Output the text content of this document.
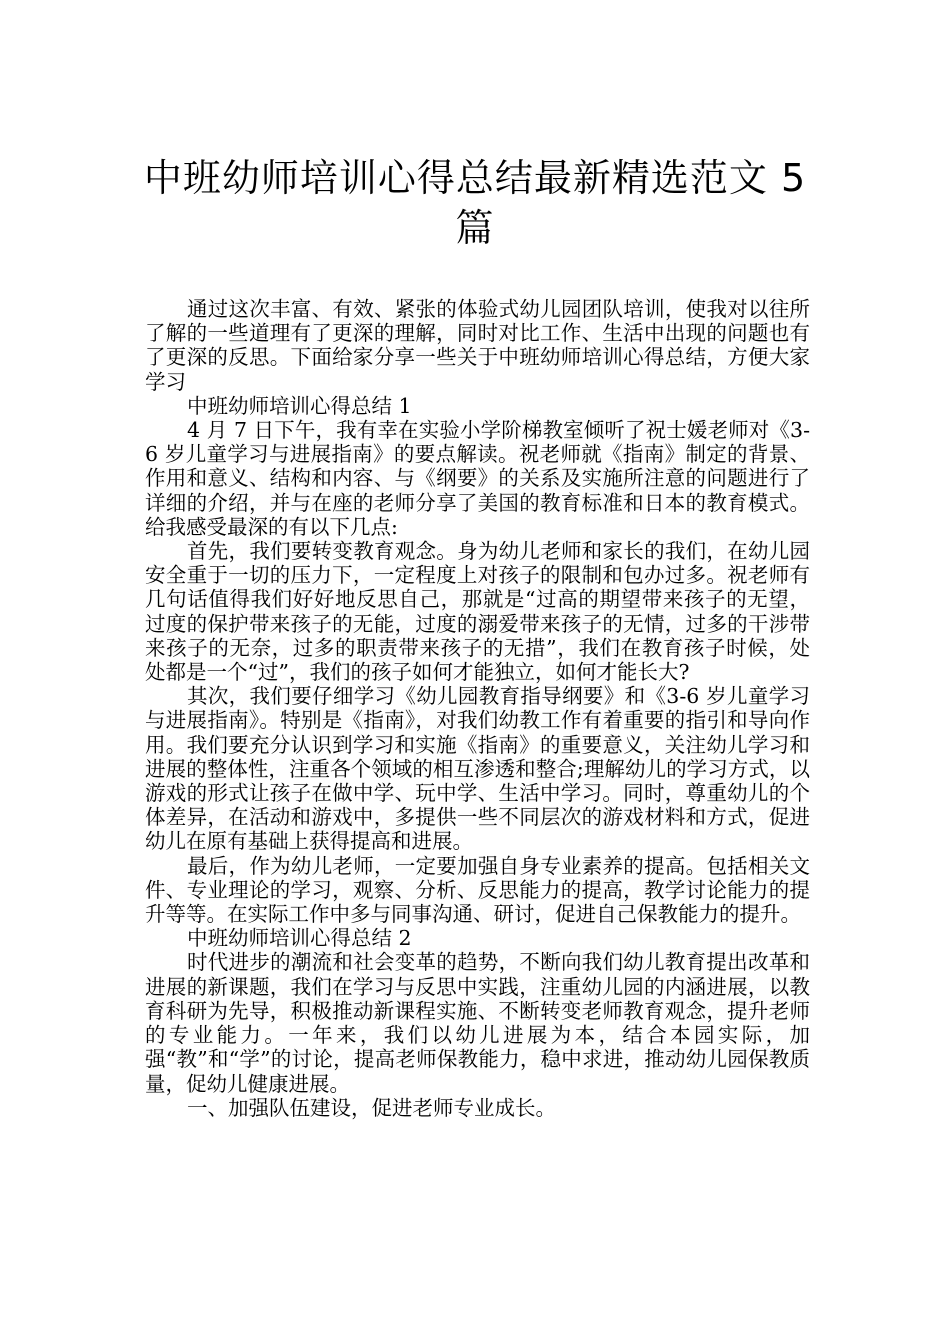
中班幼师培训心得总结最新精选范文 5 篇

通过这次丰富、有效、紧张的体验式幼儿园团队培训，使我对以往所了解的一些道理有了更深的理解，同时对比工作、生活中出现的问题也有了更深的反思。下面给家分享一些关于中班幼师培训心得总结，方便大家学习

中班幼师培训心得总结 1

4 月 7 日下午，我有幸在实验小学阶梯教室倾听了祝士媛老师对《3-6 岁儿童学习与进展指南》的要点解读。祝老师就《指南》制定的背景、作用和意义、结构和内容、与《纲要》的关系及实施所注意的问题进行了详细的介绍，并与在座的老师分享了美国的教育标准和日本的教育模式。给我感受最深的有以下几点:

首先，我们要转变教育观念。身为幼儿老师和家长的我们，在幼儿园安全重于一切的压力下，一定程度上对孩子的限制和包办过多。祝老师有几句话值得我们好好地反思自己，那就是“过高的期望带来孩子的无望，过度的保护带来孩子的无能，过度的溺爱带来孩子的无情，过多的干涉带来孩子的无奈，过多的职责带来孩子的无措”，我们在教育孩子时候，处处都是一个“过”，我们的孩子如何才能独立，如何才能长大?

其次，我们要仔细学习《幼儿园教育指导纲要》和《3-6 岁儿童学习与进展指南》。特别是《指南》，对我们幼教工作有着重要的指引和导向作用。我们要充分认识到学习和实施《指南》的重要意义，关注幼儿学习和进展的整体性，注重各个领域的相互渗透和整合;理解幼儿的学习方式，以游戏的形式让孩子在做中学、玩中学、生活中学习。同时，尊重幼儿的个体差异，在活动和游戏中，多提供一些不同层次的游戏材料和方式，促进幼儿在原有基础上获得提高和进展。

最后，作为幼儿老师，一定要加强自身专业素养的提高。包括相关文件、专业理论的学习，观察、分析、反思能力的提高，教学讨论能力的提升等等。在实际工作中多与同事沟通、研讨，促进自己保教能力的提升。

中班幼师培训心得总结 2

时代进步的潮流和社会变革的趋势，不断向我们幼儿教育提出改革和进展的新课题，我们在学习与反思中实践，注重幼儿园的内涵进展，以教育科研为先导，积极推动新课程实施、不断转变老师教育观念，提升老师的专业能力。一年来，我们以幼儿进展为本，结合本园实际，加强“教”和“学”的讨论，提高老师保教能力，稳中求进，推动幼儿园保教质量，促幼儿健康进展。

一、加强队伍建设，促进老师专业成长。
